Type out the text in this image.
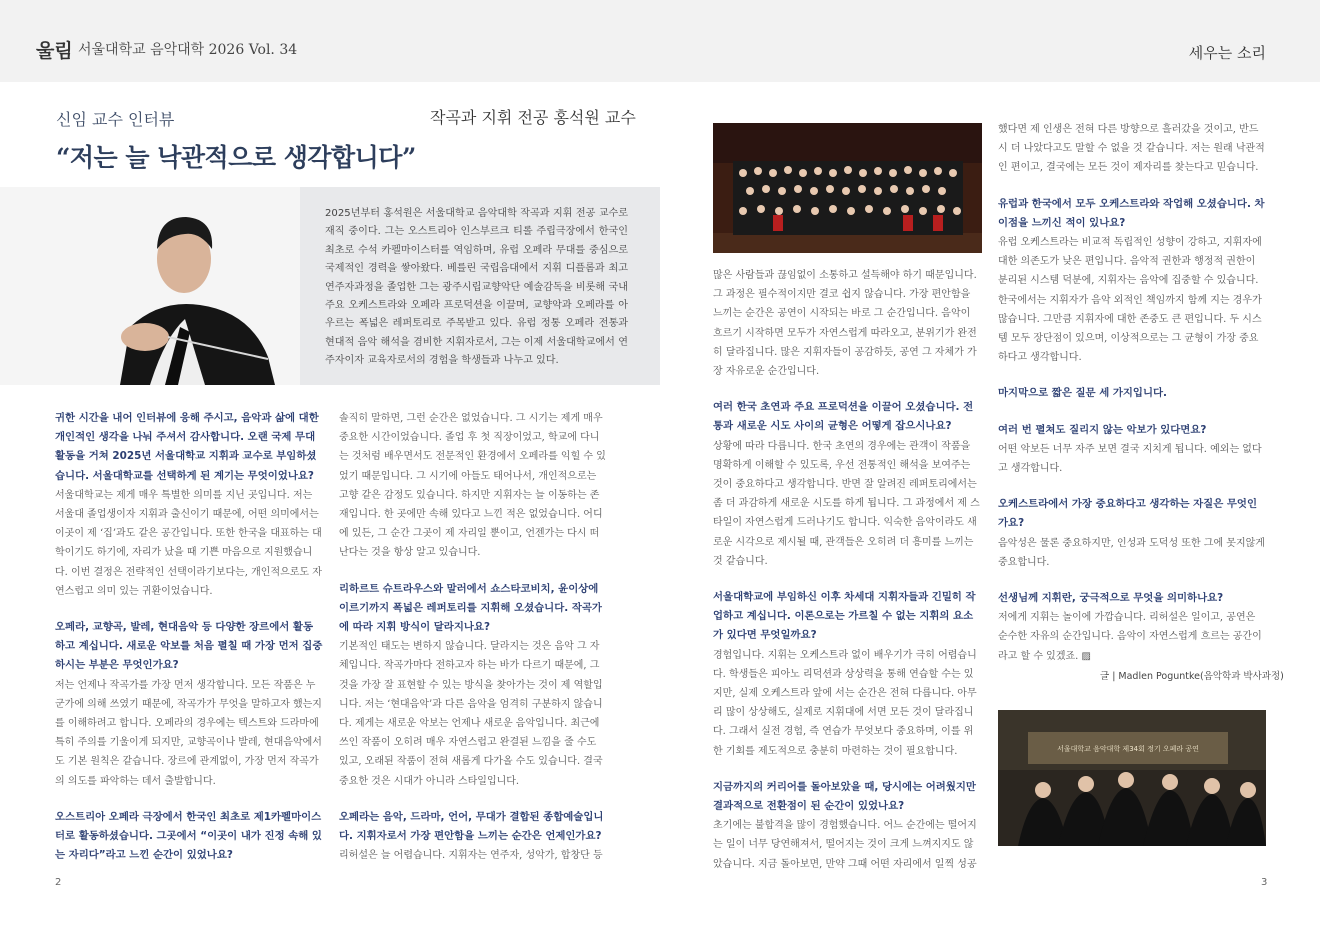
울림 서울대학교 음악대학 2026 Vol. 34	세우는 소리
신임 교수 인터뷰	작곡과 지휘 전공 홍석원 교수
“저는 늘 낙관적으로 생각합니다”
2025년부터 홍석원은 서울대학교 음악대학 작곡과 지휘 전공 교수로 재직 중이다. 그는 오스트리아 인스부르크 티롤 주립극장에서 한국인 최초로 수석 카펠마이스터를 역임하며, 유럽 오페라 무대를 중심으로 국제적인 경력을 쌓아왔다. 베를린 국립음대에서 지휘 디플롬과 최고연주자과정을 졸업한 그는 광주시립교향악단 예술감독을 비롯해 국내 주요 오케스트라와 오페라 프로덕션을 이끌며, 교향악과 오페라를 아우르는 폭넓은 레퍼토리로 주목받고 있다. 유럽 정통 오페라 전통과 현대적 음악 해석을 겸비한 지휘자로서, 그는 이제 서울대학교에서 연주자이자 교육자로서의 경험을 학생들과 나누고 있다.
귀한 시간을 내어 인터뷰에 응해 주시고, 음악과 삶에 대한 개인적인 생각을 나눠 주셔서 감사합니다. 오랜 국제 무대 활동을 거쳐 2025년 서울대학교 지휘과 교수로 부임하셨습니다. 서울대학교를 선택하게 된 계기는 무엇이었나요?
서울대학교는 제게 매우 특별한 의미를 지닌 곳입니다. 저는 서울대 졸업생이자 지휘과 출신이기 때문에, 어떤 의미에서는 이곳이 제 ‘집’과도 같은 공간입니다. 또한 한국을 대표하는 대학이기도 하기에, 자리가 났을 때 기쁜 마음으로 지원했습니다. 이번 결정은 전략적인 선택이라기보다는, 개인적으로도 자연스럽고 의미 있는 귀환이었습니다.
오페라, 교향곡, 발레, 현대음악 등 다양한 장르에서 활동하고 계십니다. 새로운 악보를 처음 펼칠 때 가장 먼저 집중하시는 부분은 무엇인가요?
저는 언제나 작곡가를 가장 먼저 생각합니다. 모든 작품은 누군가에 의해 쓰였기 때문에, 작곡가가 무엇을 말하고자 했는지를 이해하려고 합니다. 오페라의 경우에는 텍스트와 드라마에 특히 주의를 기울이게 되지만, 교향곡이나 발레, 현대음악에서도 기본 원칙은 같습니다. 장르에 관계없이, 가장 먼저 작곡가의 의도를 파악하는 데서 출발합니다.
오스트리아 오페라 극장에서 한국인 최초로 제1카펠마이스터로 활동하셨습니다. 그곳에서 “이곳이 내가 진정 속해 있는 자리다”라고 느낀 순간이 있었나요?
솔직히 말하면, 그런 순간은 없었습니다. 그 시기는 제게 매우 중요한 시간이었습니다. 졸업 후 첫 직장이었고, 학교에 다니는 것처럼 배우면서도 전문적인 환경에서 오페라를 익힐 수 있었기 때문입니다. 그 시기에 아들도 태어나서, 개인적으로는 고향 같은 감정도 있습니다. 하지만 지휘자는 늘 이동하는 존재입니다. 한 곳에만 속해 있다고 느낀 적은 없었습니다. 어디에 있든, 그 순간 그곳이 제 자리일 뿐이고, 언젠가는 다시 떠난다는 것을 항상 알고 있습니다.
리하르트 슈트라우스와 말러에서 쇼스타코비치, 윤이상에 이르기까지 폭넓은 레퍼토리를 지휘해 오셨습니다. 작곡가에 따라 지휘 방식이 달라지나요?
기본적인 태도는 변하지 않습니다. 달라지는 것은 음악 그 자체입니다. 작곡가마다 전하고자 하는 바가 다르기 때문에, 그것을 가장 잘 표현할 수 있는 방식을 찾아가는 것이 제 역할입니다. 저는 ‘현대음악’과 다른 음악을 엄격히 구분하지 않습니다. 제게는 새로운 악보는 언제나 새로운 음악입니다. 최근에 쓰인 작품이 오히려 매우 자연스럽고 완결된 느낌을 줄 수도 있고, 오래된 작품이 전혀 새롭게 다가올 수도 있습니다. 결국 중요한 것은 시대가 아니라 스타일입니다.
오페라는 음악, 드라마, 언어, 무대가 결합된 종합예술입니다. 지휘자로서 가장 편안함을 느끼는 순간은 언제인가요?
리허설은 늘 어렵습니다. 지휘자는 연주자, 성악가, 합창단 등
많은 사람들과 끊임없이 소통하고 설득해야 하기 때문입니다. 그 과정은 필수적이지만 결코 쉽지 않습니다. 가장 편안함을 느끼는 순간은 공연이 시작되는 바로 그 순간입니다. 음악이 흐르기 시작하면 모두가 자연스럽게 따라오고, 분위기가 완전히 달라집니다. 많은 지휘자들이 공감하듯, 공연 그 자체가 가장 자유로운 순간입니다.
여러 한국 초연과 주요 프로덕션을 이끌어 오셨습니다. 전통과 새로운 시도 사이의 균형은 어떻게 잡으시나요?
상황에 따라 다릅니다. 한국 초연의 경우에는 관객이 작품을 명확하게 이해할 수 있도록, 우선 전통적인 해석을 보여주는 것이 중요하다고 생각합니다. 반면 잘 알려진 레퍼토리에서는 좀 더 과감하게 새로운 시도를 하게 됩니다. 그 과정에서 제 스타일이 자연스럽게 드러나기도 합니다. 익숙한 음악이라도 새로운 시각으로 제시될 때, 관객들은 오히려 더 흥미를 느끼는 것 같습니다.
서울대학교에 부임하신 이후 차세대 지휘자들과 긴밀히 작업하고 계십니다. 이론으로는 가르칠 수 없는 지휘의 요소가 있다면 무엇일까요?
경험입니다. 지휘는 오케스트라 없이 배우기가 극히 어렵습니다. 학생들은 피아노 리덕션과 상상력을 통해 연습할 수는 있지만, 실제 오케스트라 앞에 서는 순간은 전혀 다릅니다. 아무리 많이 상상해도, 실제로 지휘대에 서면 모든 것이 달라집니다. 그래서 실전 경험, 즉 연습가 무엇보다 중요하며, 이를 위한 기회를 제도적으로 충분히 마련하는 것이 필요합니다.
지금까지의 커리어를 돌아보았을 때, 당시에는 어려웠지만 결과적으로 전환점이 된 순간이 있었나요?
초기에는 불합격을 많이 경험했습니다. 어느 순간에는 떨어지는 일이 너무 당연해져서, 떨어지는 것이 크게 느껴지지도 않았습니다. 지금 돌아보면, 만약 그때 어떤 자리에서 일찍 성공
했다면 제 인생은 전혀 다른 방향으로 흘러갔을 것이고, 반드시 더 나았다고도 말할 수 없을 것 같습니다. 저는 원래 낙관적인 편이고, 결국에는 모든 것이 제자리를 찾는다고 믿습니다.
유럽과 한국에서 모두 오케스트라와 작업해 오셨습니다. 차이점을 느끼신 적이 있나요?
유럽 오케스트라는 비교적 독립적인 성향이 강하고, 지휘자에 대한 의존도가 낮은 편입니다. 음악적 권한과 행정적 권한이 분리된 시스템 덕분에, 지휘자는 음악에 집중할 수 있습니다. 한국에서는 지휘자가 음악 외적인 책임까지 함께 지는 경우가 많습니다. 그만큼 지휘자에 대한 존중도 큰 편입니다. 두 시스템 모두 장단점이 있으며, 이상적으로는 그 균형이 가장 중요하다고 생각합니다.
마지막으로 짧은 질문 세 가지입니다.
여러 번 펼쳐도 질리지 않는 악보가 있다면요?
어떤 악보든 너무 자주 보면 결국 지치게 됩니다. 예외는 없다고 생각합니다.
오케스트라에서 가장 중요하다고 생각하는 자질은 무엇인가요?
음악성은 물론 중요하지만, 인성과 도덕성 또한 그에 못지않게 중요합니다.
선생님께 지휘란, 궁극적으로 무엇을 의미하나요?
저에게 지휘는 놀이에 가깝습니다. 리허설은 일이고, 공연은 순수한 자유의 순간입니다. 음악이 자연스럽게 흐르는 공간이라고 할 수 있겠죠. ▨
글 | Madlen Poguntke(음악학과 박사과정)
서울대학교 음악대학 제34회 정기 오페라 공연
2	3
